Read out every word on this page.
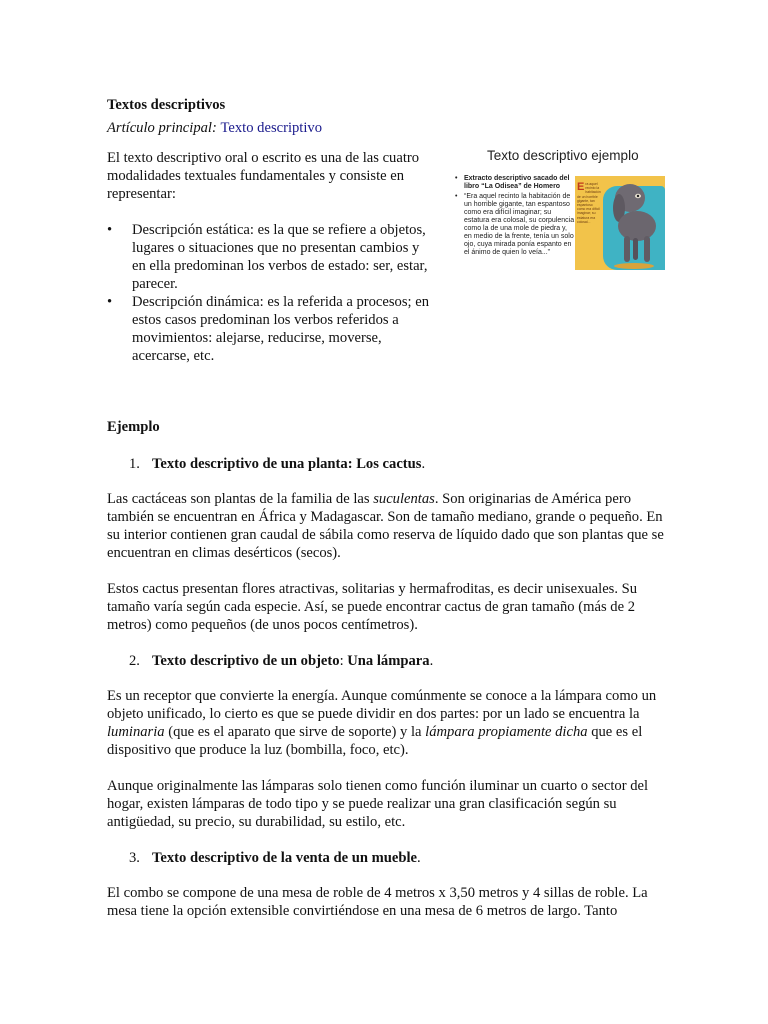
Textos descriptivos
Artículo principal: Texto descriptivo

El texto descriptivo oral o escrito es una de las cuatro modalidades textuales fundamentales y consiste en representar:

• Descripción estática: es la que se refiere a objetos, lugares o situaciones que no presentan cambios y en ella predominan los verbos de estado: ser, estar, parecer.
• Descripción dinámica: es la referida a procesos; en estos casos predominan los verbos referidos a movimientos: alejarse, reducirse, moverse, acercarse, etc.
Texto descriptivo ejemplo
• Extracto descriptivo sacado del libro “La Odisea” de Homero
• “Era aquel recinto la habitación de un horrible gigante, tan espantoso como era difícil imaginar; su estatura era colosal, su corpulencia como la de una mole de piedra y, en medio de la frente, tenía un solo ojo, cuya mirada ponía espanto en el ánimo de quien lo veía...”
Era aquel recinto la habitación de un horrible gigante, tan espantoso como era difícil imaginar; su estatura era colosal...
Ejemplo
1. Texto descriptivo de una planta: Los cactus.

Las cactáceas son plantas de la familia de las suculentas. Son originarias de América pero también se encuentran en África y Madagascar. Son de tamaño mediano, grande o pequeño. En su interior contienen gran caudal de sábila como reserva de líquido dado que son plantas que se encuentran en climas desérticos (secos).

Estos cactus presentan flores atractivas, solitarias y hermafroditas, es decir unisexuales. Su tamaño varía según cada especie. Así, se puede encontrar cactus de gran tamaño (más de 2 metros) como pequeños (de unos pocos centímetros).

2. Texto descriptivo de un objeto: Una lámpara.

Es un receptor que convierte la energía. Aunque comúnmente se conoce a la lámpara como un objeto unificado, lo cierto es que se puede dividir en dos partes: por un lado se encuentra la luminaria (que es el aparato que sirve de soporte) y la lámpara propiamente dicha que es el dispositivo que produce la luz (bombilla, foco, etc).

Aunque originalmente las lámparas solo tienen como función iluminar un cuarto o sector del hogar, existen lámparas de todo tipo y se puede realizar una gran clasificación según su antigüedad, su precio, su durabilidad, su estilo, etc.

3. Texto descriptivo de la venta de un mueble.

El combo se compone de una mesa de roble de 4 metros x 3,50 metros y 4 sillas de roble. La mesa tiene la opción extensible convirtiéndose en una mesa de 6 metros de largo. Tanto
